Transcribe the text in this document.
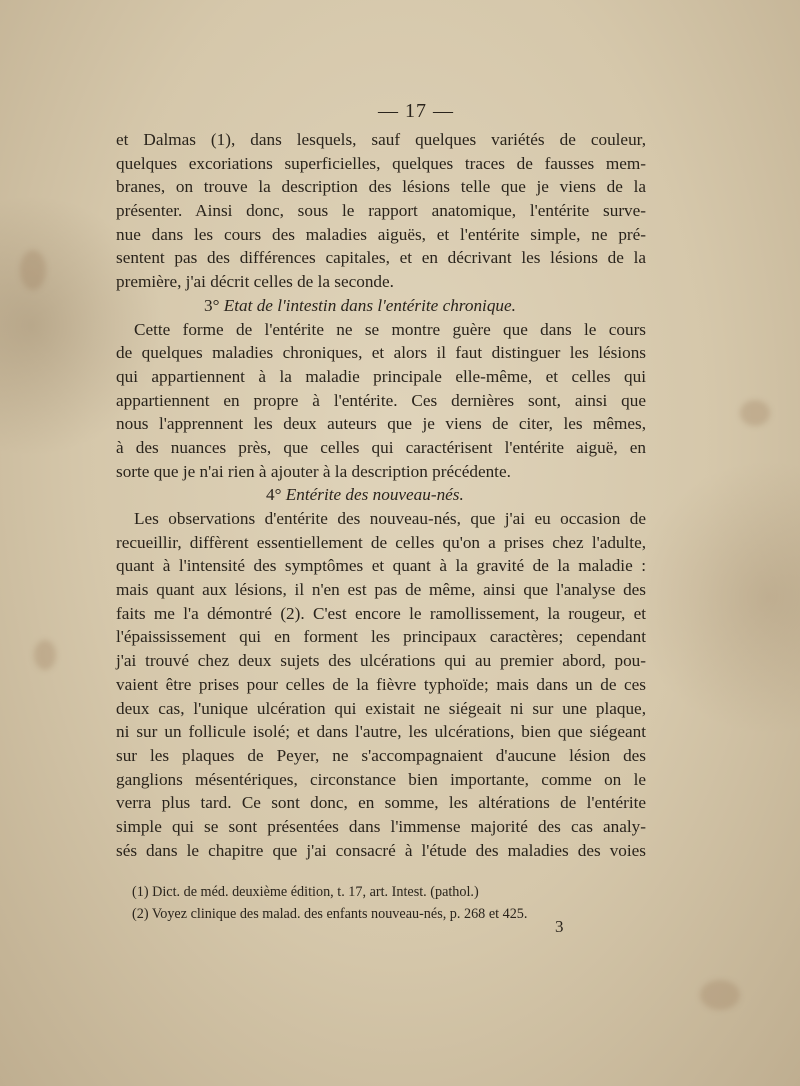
— 17 —
et Dalmas (1), dans lesquels, sauf quelques variétés de couleur,
quelques excoriations superficielles, quelques traces de fausses mem-
branes, on trouve la description des lésions telle que je viens de la
présenter. Ainsi donc, sous le rapport anatomique, l'entérite surve-
nue dans les cours des maladies aiguës, et l'entérite simple, ne pré-
sentent pas des différences capitales, et en décrivant les lésions de la
première, j'ai décrit celles de la seconde.
3° Etat de l'intestin dans l'entérite chronique.
Cette forme de l'entérite ne se montre guère que dans le cours
de quelques maladies chroniques, et alors il faut distinguer les lésions
qui appartiennent à la maladie principale elle-même, et celles qui
appartiennent en propre à l'entérite. Ces dernières sont, ainsi que
nous l'apprennent les deux auteurs que je viens de citer, les mêmes,
à des nuances près, que celles qui caractérisent l'entérite aiguë, en
sorte que je n'ai rien à ajouter à la description précédente.
4° Entérite des nouveau-nés.
Les observations d'entérite des nouveau-nés, que j'ai eu occasion de
recueillir, diffèrent essentiellement de celles qu'on a prises chez l'adulte,
quant à l'intensité des symptômes et quant à la gravité de la maladie :
mais quant aux lésions, il n'en est pas de même, ainsi que l'analyse des
faits me l'a démontré (2). C'est encore le ramollissement, la rougeur, et
l'épaississement qui en forment les principaux caractères; cependant
j'ai trouvé chez deux sujets des ulcérations qui au premier abord, pou-
vaient être prises pour celles de la fièvre typhoïde; mais dans un de ces
deux cas, l'unique ulcération qui existait ne siégeait ni sur une plaque,
ni sur un follicule isolé; et dans l'autre, les ulcérations, bien que siégeant
sur les plaques de Peyer, ne s'accompagnaient d'aucune lésion des
ganglions mésentériques, circonstance bien importante, comme on le
verra plus tard. Ce sont donc, en somme, les altérations de l'entérite
simple qui se sont présentées dans l'immense majorité des cas analy-
sés dans le chapitre que j'ai consacré à l'étude des maladies des voies
(1) Dict. de méd. deuxième édition, t. 17, art. Intest. (pathol.)
(2) Voyez clinique des malad. des enfants nouveau-nés, p. 268 et 425.
3
